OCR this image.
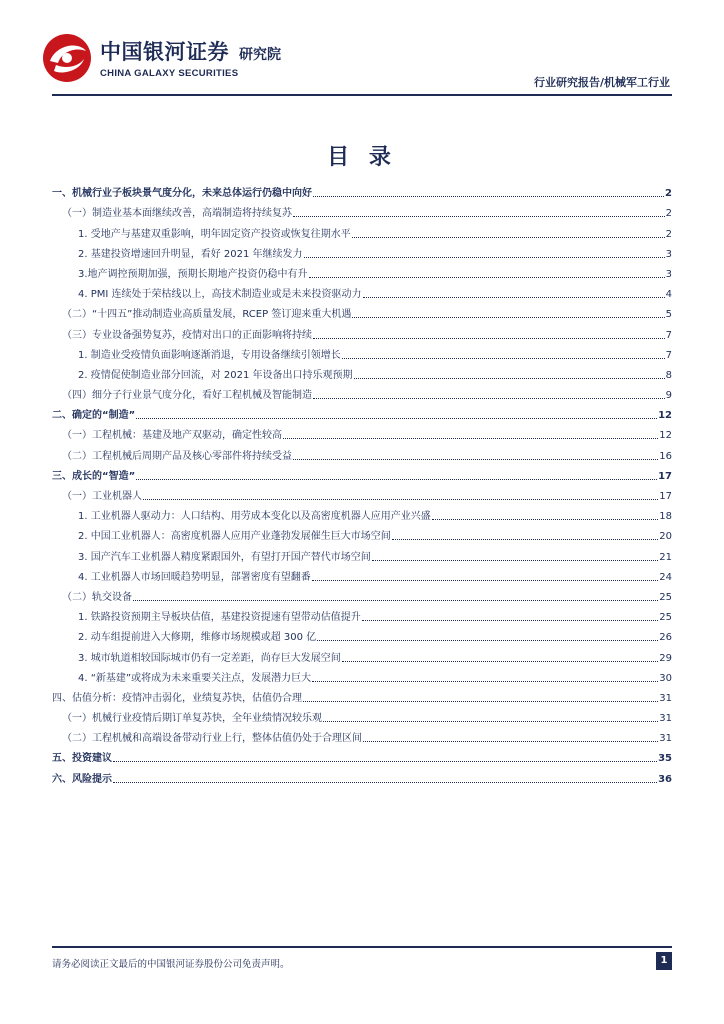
中国银河证券 研究院
CHINA GALAXY SECURITIES
行业研究报告/机械军工行业
目 录
一、机械行业子板块景气度分化，未来总体运行仍稳中向好	2
（一）制造业基本面继续改善，高端制造将持续复苏	2
1. 受地产与基建双重影响，明年固定资产投资或恢复往期水平	2
2. 基建投资增速回升明显，看好 2021 年继续发力	3
3.地产调控预期加强，预期长期地产投资仍稳中有升	3
4. PMI 连续处于荣枯线以上，高技术制造业或是未来投资驱动力	4
（二）“十四五”推动制造业高质量发展，RCEP 签订迎来重大机遇	5
（三）专业设备强势复苏，疫情对出口的正面影响将持续	7
1. 制造业受疫情负面影响逐渐消退，专用设备继续引领增长	7
2. 疫情促使制造业部分回流，对 2021 年设备出口持乐观预期	8
（四）细分子行业景气度分化，看好工程机械及智能制造	9
二、确定的“制造”	12
（一）工程机械：基建及地产双驱动，确定性较高	12
（二）工程机械后周期产品及核心零部件将持续受益	16
三、成长的“智造”	17
（一）工业机器人	17
1. 工业机器人驱动力：人口结构、用劳成本变化以及高密度机器人应用产业兴盛	18
2. 中国工业机器人：高密度机器人应用产业蓬勃发展催生巨大市场空间	20
3. 国产汽车工业机器人精度紧跟国外，有望打开国产替代市场空间	21
4. 工业机器人市场回暖趋势明显，部署密度有望翻番	24
（二）轨交设备	25
1. 铁路投资预期主导板块估值，基建投资提速有望带动估值提升	25
2. 动车组提前进入大修期，维修市场规模或超 300 亿	26
3. 城市轨道相较国际城市仍有一定差距，尚存巨大发展空间	29
4. “新基建”或将成为未来重要关注点，发展潜力巨大	30
四、估值分析：疫情冲击弱化，业绩复苏快，估值仍合理	31
（一）机械行业疫情后期订单复苏快，全年业绩情况较乐观	31
（二）工程机械和高端设备带动行业上行，整体估值仍处于合理区间	31
五、投资建议	35
六、风险提示	36
请务必阅读正文最后的中国银河证券股份公司免责声明。	1
